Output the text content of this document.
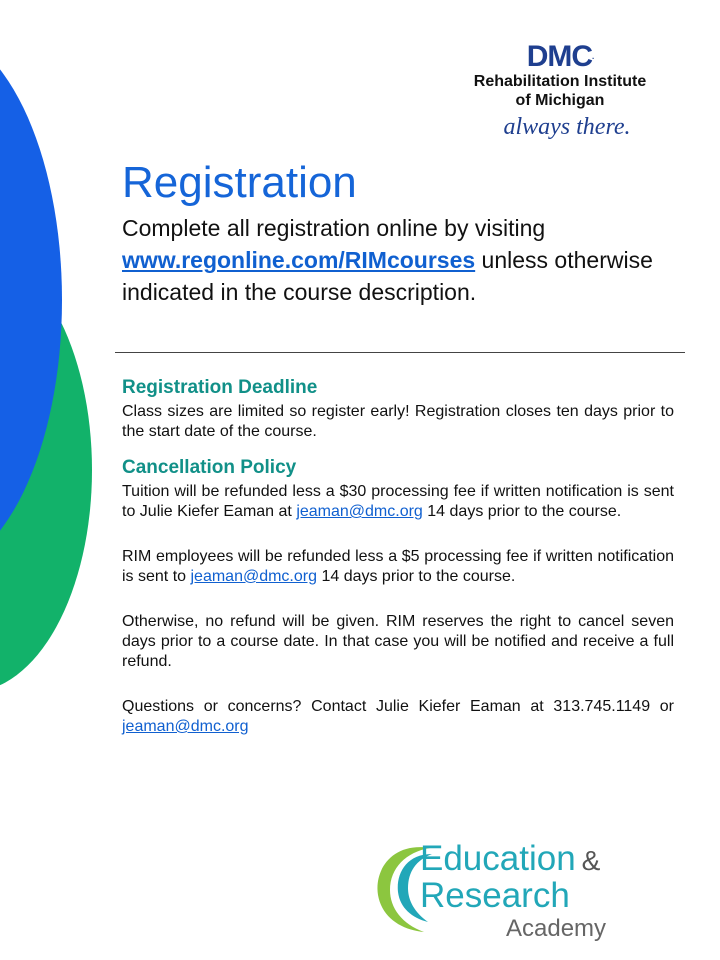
DMC.
Rehabilitation Institute
of Michigan
always there.
Registration

Complete all registration online by visiting www.regonline.com/RIMcourses unless otherwise indicated in the course description.

Registration Deadline

Class sizes are limited so register early! Registration closes ten days prior to the start date of the course.

Cancellation Policy

Tuition will be refunded less a $30 processing fee if written notification is sent to Julie Kiefer Eaman at jeaman@dmc.org 14 days prior to the course.

RIM employees will be refunded less a $5 processing fee if written notification is sent to jeaman@dmc.org 14 days prior to the course.

Otherwise, no refund will be given. RIM reserves the right to cancel seven days prior to a course date. In that case you will be notified and receive a full refund.

Questions or concerns? Contact Julie Kiefer Eaman at 313.745.1149 or jeaman@dmc.org

Education &
Research
Academy
